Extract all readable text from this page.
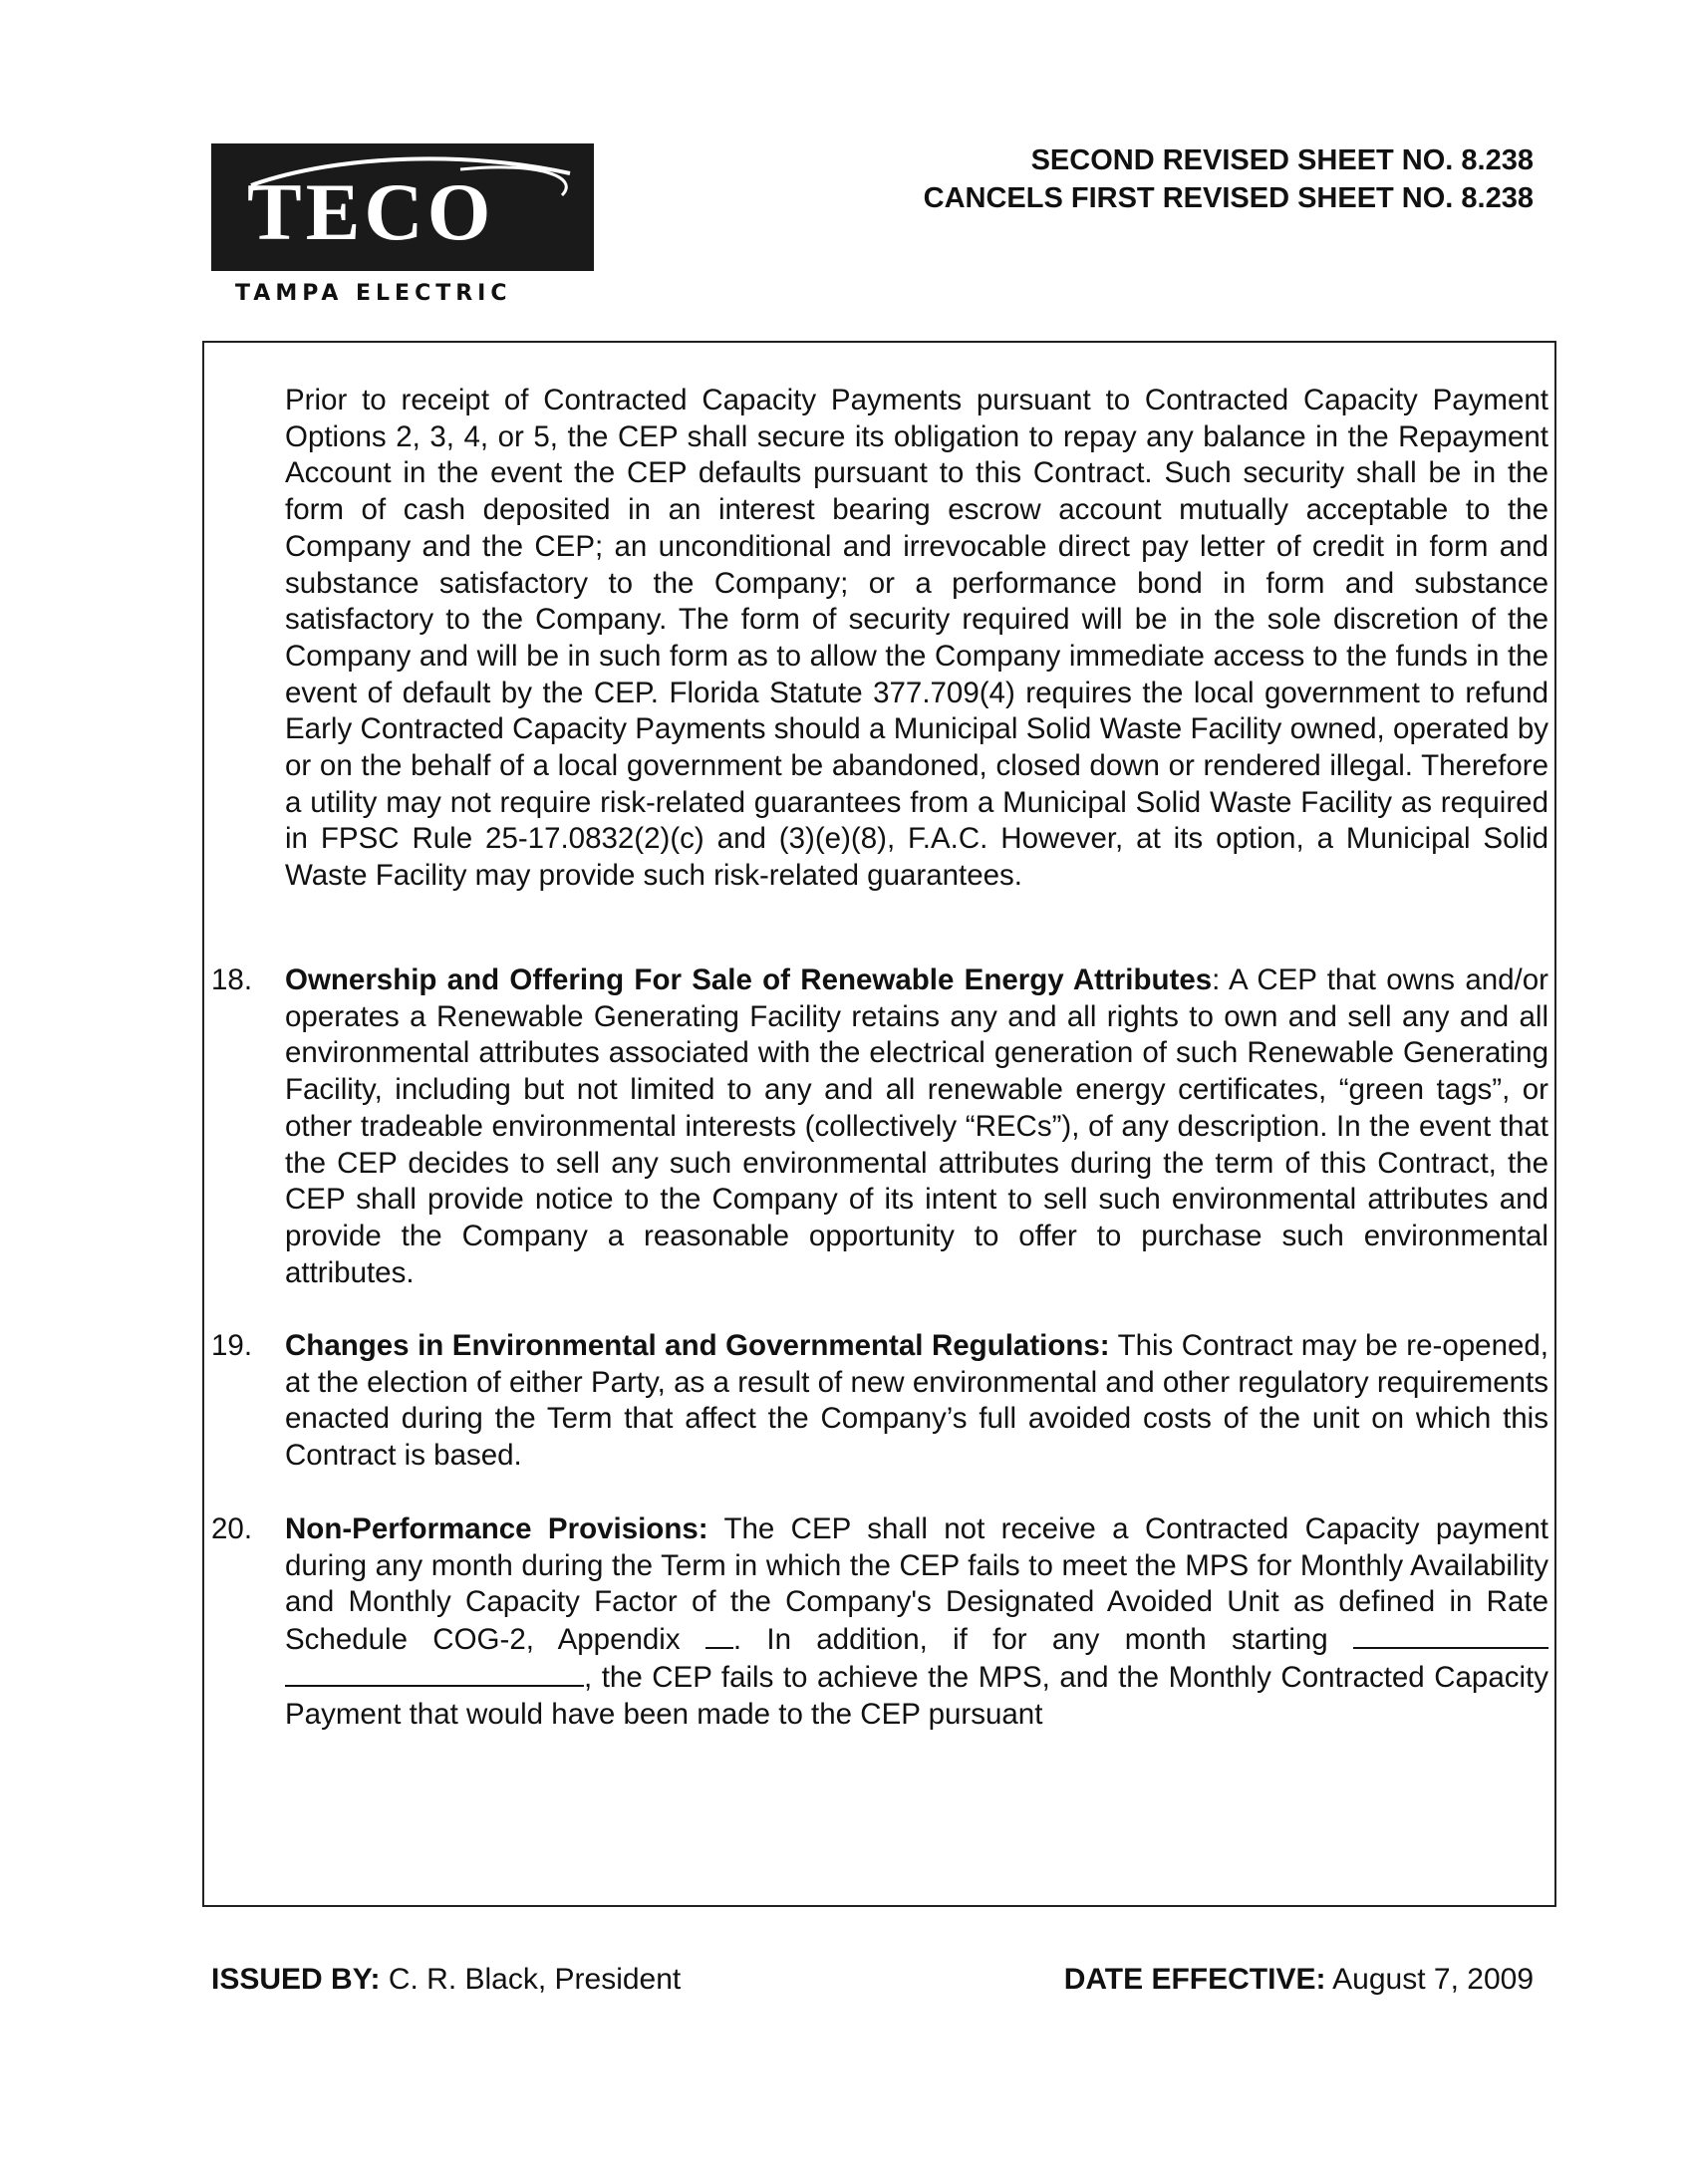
TECO
TAMPA ELECTRIC
SECOND REVISED SHEET NO. 8.238
CANCELS FIRST REVISED SHEET NO. 8.238
Prior to receipt of Contracted Capacity Payments pursuant to Contracted Capacity Payment Options 2, 3, 4, or 5, the CEP shall secure its obligation to repay any balance in the Repayment Account in the event the CEP defaults pursuant to this Contract. Such security shall be in the form of cash deposited in an interest bearing escrow account mutually acceptable to the Company and the CEP; an unconditional and irrevocable direct pay letter of credit in form and substance satisfactory to the Company; or a performance bond in form and substance satisfactory to the Company. The form of security required will be in the sole discretion of the Company and will be in such form as to allow the Company immediate access to the funds in the event of default by the CEP. Florida Statute 377.709(4) requires the local government to refund Early Contracted Capacity Payments should a Municipal Solid Waste Facility owned, operated by or on the behalf of a local government be abandoned, closed down or rendered illegal. Therefore a utility may not require risk-related guarantees from a Municipal Solid Waste Facility as required in FPSC Rule 25-17.0832(2)(c) and (3)(e)(8), F.A.C. However, at its option, a Municipal Solid Waste Facility may provide such risk-related guarantees.
18. Ownership and Offering For Sale of Renewable Energy Attributes: A CEP that owns and/or operates a Renewable Generating Facility retains any and all rights to own and sell any and all environmental attributes associated with the electrical generation of such Renewable Generating Facility, including but not limited to any and all renewable energy certificates, “green tags”, or other tradeable environmental interests (collectively “RECs”), of any description. In the event that the CEP decides to sell any such environmental attributes during the term of this Contract, the CEP shall provide notice to the Company of its intent to sell such environmental attributes and provide the Company a reasonable opportunity to offer to purchase such environmental attributes.
19. Changes in Environmental and Governmental Regulations: This Contract may be re-opened, at the election of either Party, as a result of new environmental and other regulatory requirements enacted during the Term that affect the Company’s full avoided costs of the unit on which this Contract is based.
20. Non-Performance Provisions: The CEP shall not receive a Contracted Capacity payment during any month during the Term in which the CEP fails to meet the MPS for Monthly Availability and Monthly Capacity Factor of the Company's Designated Avoided Unit as defined in Rate Schedule COG-2, Appendix . In addition, if for any month starting  , the CEP fails to achieve the MPS, and the Monthly Contracted Capacity Payment that would have been made to the CEP pursuant
ISSUED BY: C. R. Black, President	DATE EFFECTIVE: August 7, 2009
